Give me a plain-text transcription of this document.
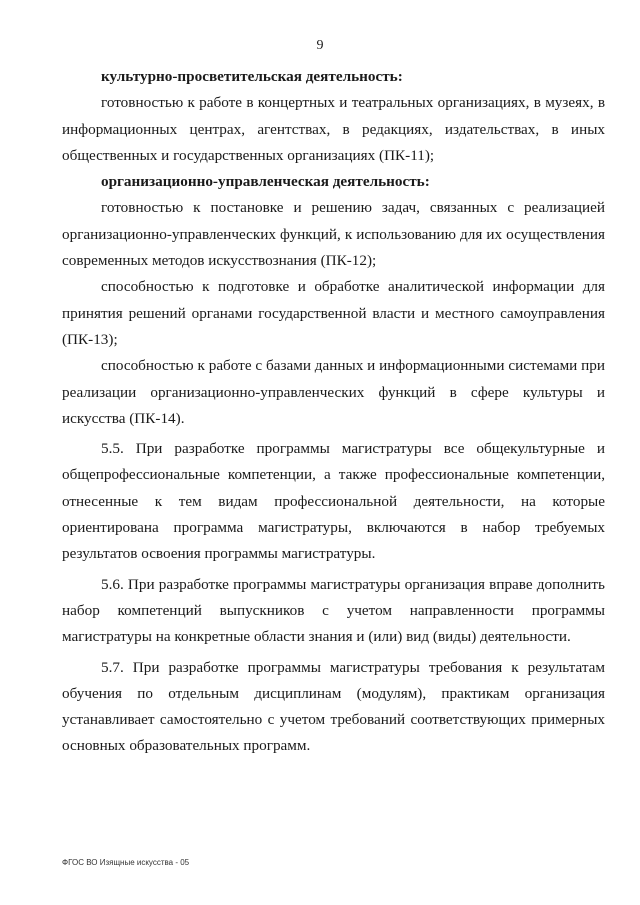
9

культурно-просветительская деятельность:

готовностью к работе в концертных и театральных организациях, в музеях, в информационных центрах, агентствах, в редакциях, издательствах, в иных общественных и государственных организациях (ПК-11);

организационно-управленческая деятельность:

готовностью к постановке и решению задач, связанных с реализацией организационно-управленческих функций, к использованию для их осуществления современных методов искусствознания (ПК-12);

способностью к подготовке и обработке аналитической информации для принятия решений органами государственной власти и местного самоуправления (ПК-13);

способностью к работе с базами данных и информационными системами при реализации организационно-управленческих функций в сфере культуры и искусства (ПК-14).

5.5. При разработке программы магистратуры все общекультурные и общепрофессиональные компетенции, а также профессиональные компетенции, отнесенные к тем видам профессиональной деятельности, на которые ориентирована программа магистратуры, включаются в набор требуемых результатов освоения программы магистратуры.

5.6. При разработке программы магистратуры организация вправе дополнить набор компетенций выпускников с учетом направленности программы магистратуры на конкретные области знания и (или) вид (виды) деятельности.

5.7. При разработке программы магистратуры требования к результатам обучения по отдельным дисциплинам (модулям), практикам организация устанавливает самостоятельно с учетом требований соответствующих примерных основных образовательных программ.

ФГОС ВО Изящные искусства - 05
